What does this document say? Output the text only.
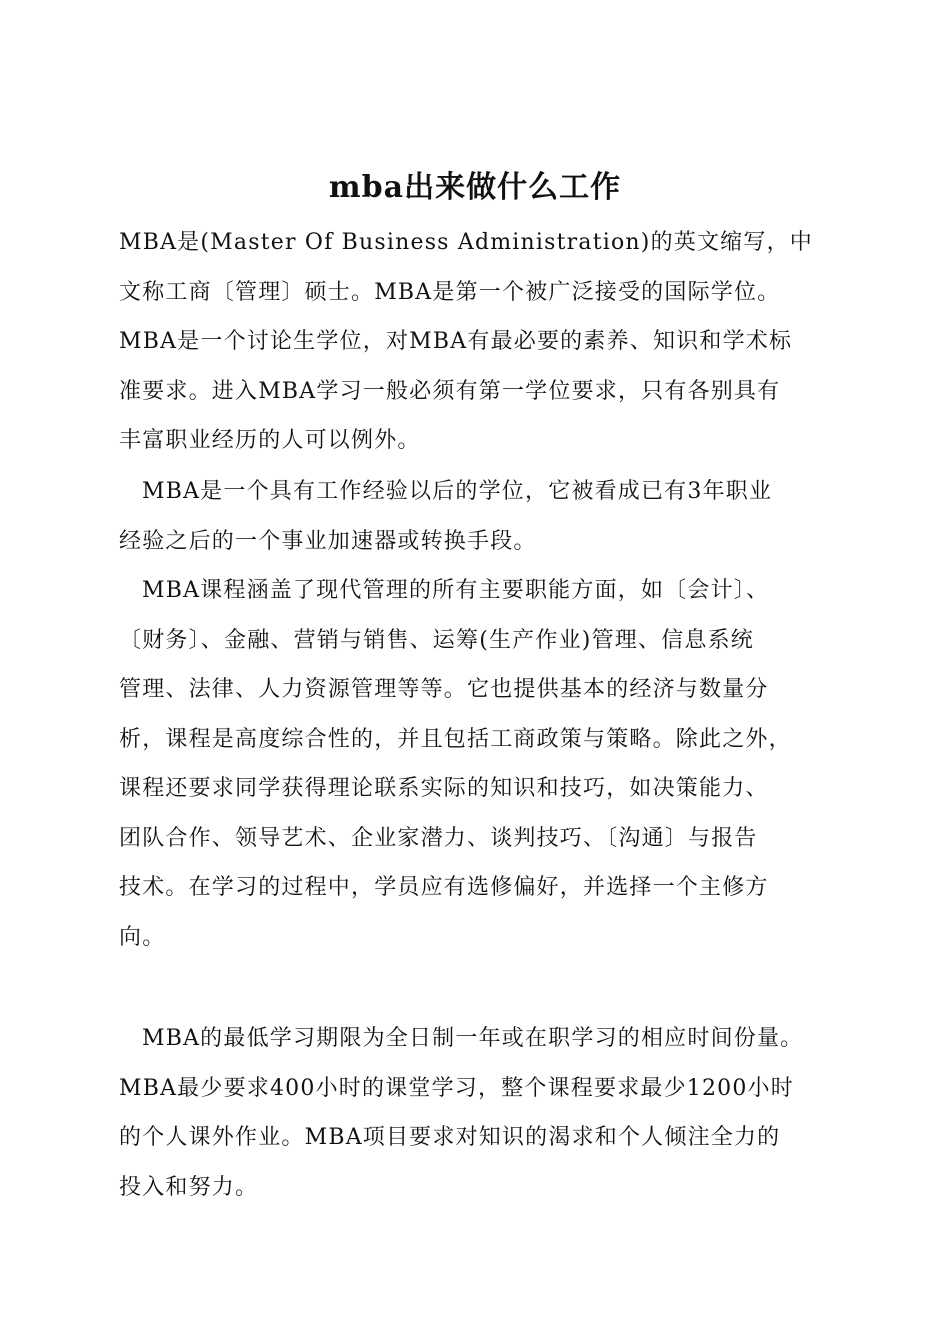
mba出来做什么工作

MBA是(Master Of Business Administration)的英文缩写，中

文称工商〔管理〕硕士。MBA是第一个被广泛接受的国际学位。

MBA是一个讨论生学位，对MBA有最必要的素养、知识和学术标

准要求。进入MBA学习一般必须有第一学位要求，只有各别具有

丰富职业经历的人可以例外。

MBA是一个具有工作经验以后的学位，它被看成已有3年职业

经验之后的一个事业加速器或转换手段。

MBA课程涵盖了现代管理的所有主要职能方面，如〔会计〕、

〔财务〕、金融、营销与销售、运筹(生产作业)管理、信息系统

管理、法律、人力资源管理等等。它也提供基本的经济与数量分

析，课程是高度综合性的，并且包括工商政策与策略。除此之外，

课程还要求同学获得理论联系实际的知识和技巧，如决策能力、

团队合作、领导艺术、企业家潜力、谈判技巧、〔沟通〕与报告

技术。在学习的过程中，学员应有选修偏好，并选择一个主修方

向。

MBA的最低学习期限为全日制一年或在职学习的相应时间份量。

MBA最少要求400小时的课堂学习，整个课程要求最少1200小时

的个人课外作业。MBA项目要求对知识的渴求和个人倾注全力的

投入和努力。
